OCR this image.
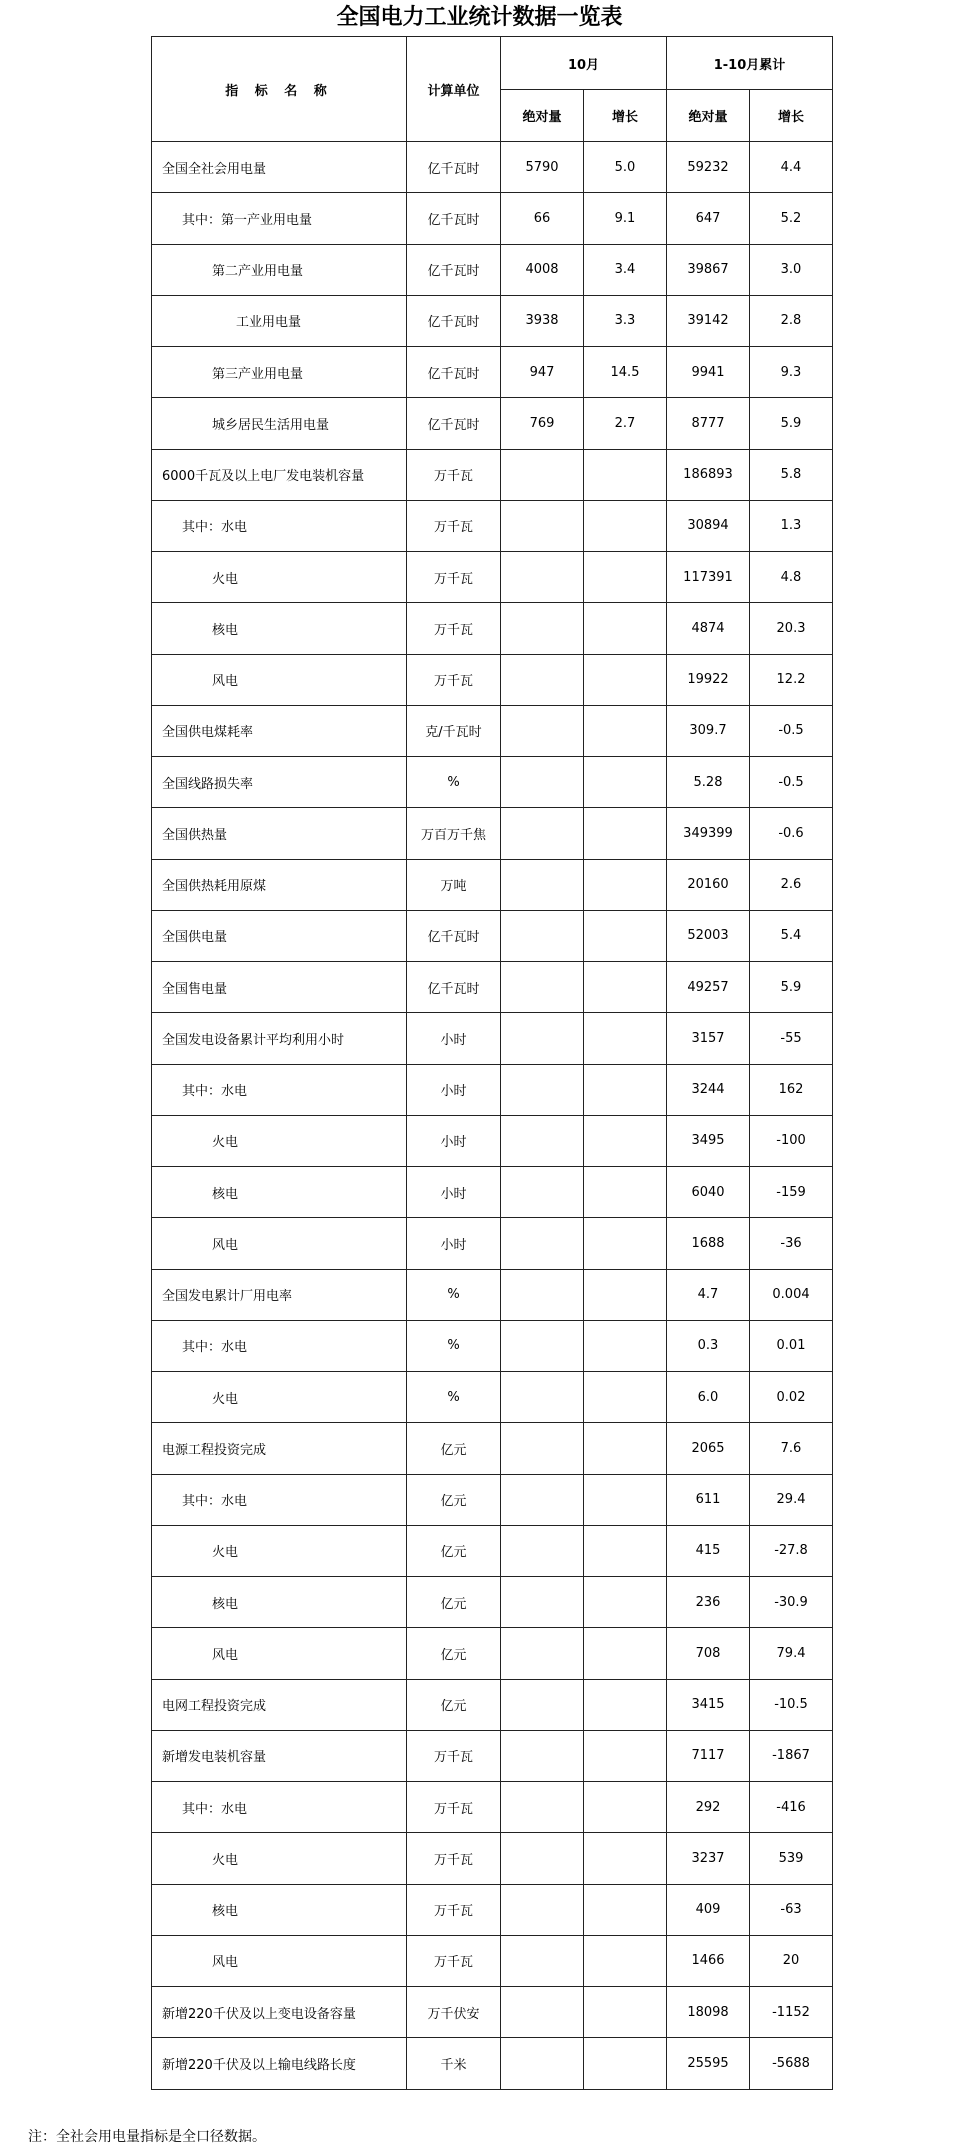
全国电力工业统计数据一览表
指 标 名 称	计算单位	10月		1-10月累计	
		绝对量	增长	绝对量	增长
全国全社会用电量	亿千瓦时	5790	5.0	59232	4.4
其中：第一产业用电量	亿千瓦时	66	9.1	647	5.2
第二产业用电量	亿千瓦时	4008	3.4	39867	3.0
工业用电量	亿千瓦时	3938	3.3	39142	2.8
第三产业用电量	亿千瓦时	947	14.5	9941	9.3
城乡居民生活用电量	亿千瓦时	769	2.7	8777	5.9
6000千瓦及以上电厂发电装机容量	万千瓦			186893	5.8
其中：水电	万千瓦			30894	1.3
火电	万千瓦			117391	4.8
核电	万千瓦			4874	20.3
风电	万千瓦			19922	12.2
全国供电煤耗率	克/千瓦时			309.7	-0.5
全国线路损失率	%			5.28	-0.5
全国供热量	万百万千焦			349399	-0.6
全国供热耗用原煤	万吨			20160	2.6
全国供电量	亿千瓦时			52003	5.4
全国售电量	亿千瓦时			49257	5.9
全国发电设备累计平均利用小时	小时			3157	-55
其中：水电	小时			3244	162
火电	小时			3495	-100
核电	小时			6040	-159
风电	小时			1688	-36
全国发电累计厂用电率	%			4.7	0.004
其中：水电	%			0.3	0.01
火电	%			6.0	0.02
电源工程投资完成	亿元			2065	7.6
其中：水电	亿元			611	29.4
火电	亿元			415	-27.8
核电	亿元			236	-30.9
风电	亿元			708	79.4
电网工程投资完成	亿元			3415	-10.5
新增发电装机容量	万千瓦			7117	-1867
其中：水电	万千瓦			292	-416
火电	万千瓦			3237	539
核电	万千瓦			409	-63
风电	万千瓦			1466	20
新增220千伏及以上变电设备容量	万千伏安			18098	-1152
新增220千伏及以上输电线路长度	千米			25595	-5688
注：全社会用电量指标是全口径数据。
